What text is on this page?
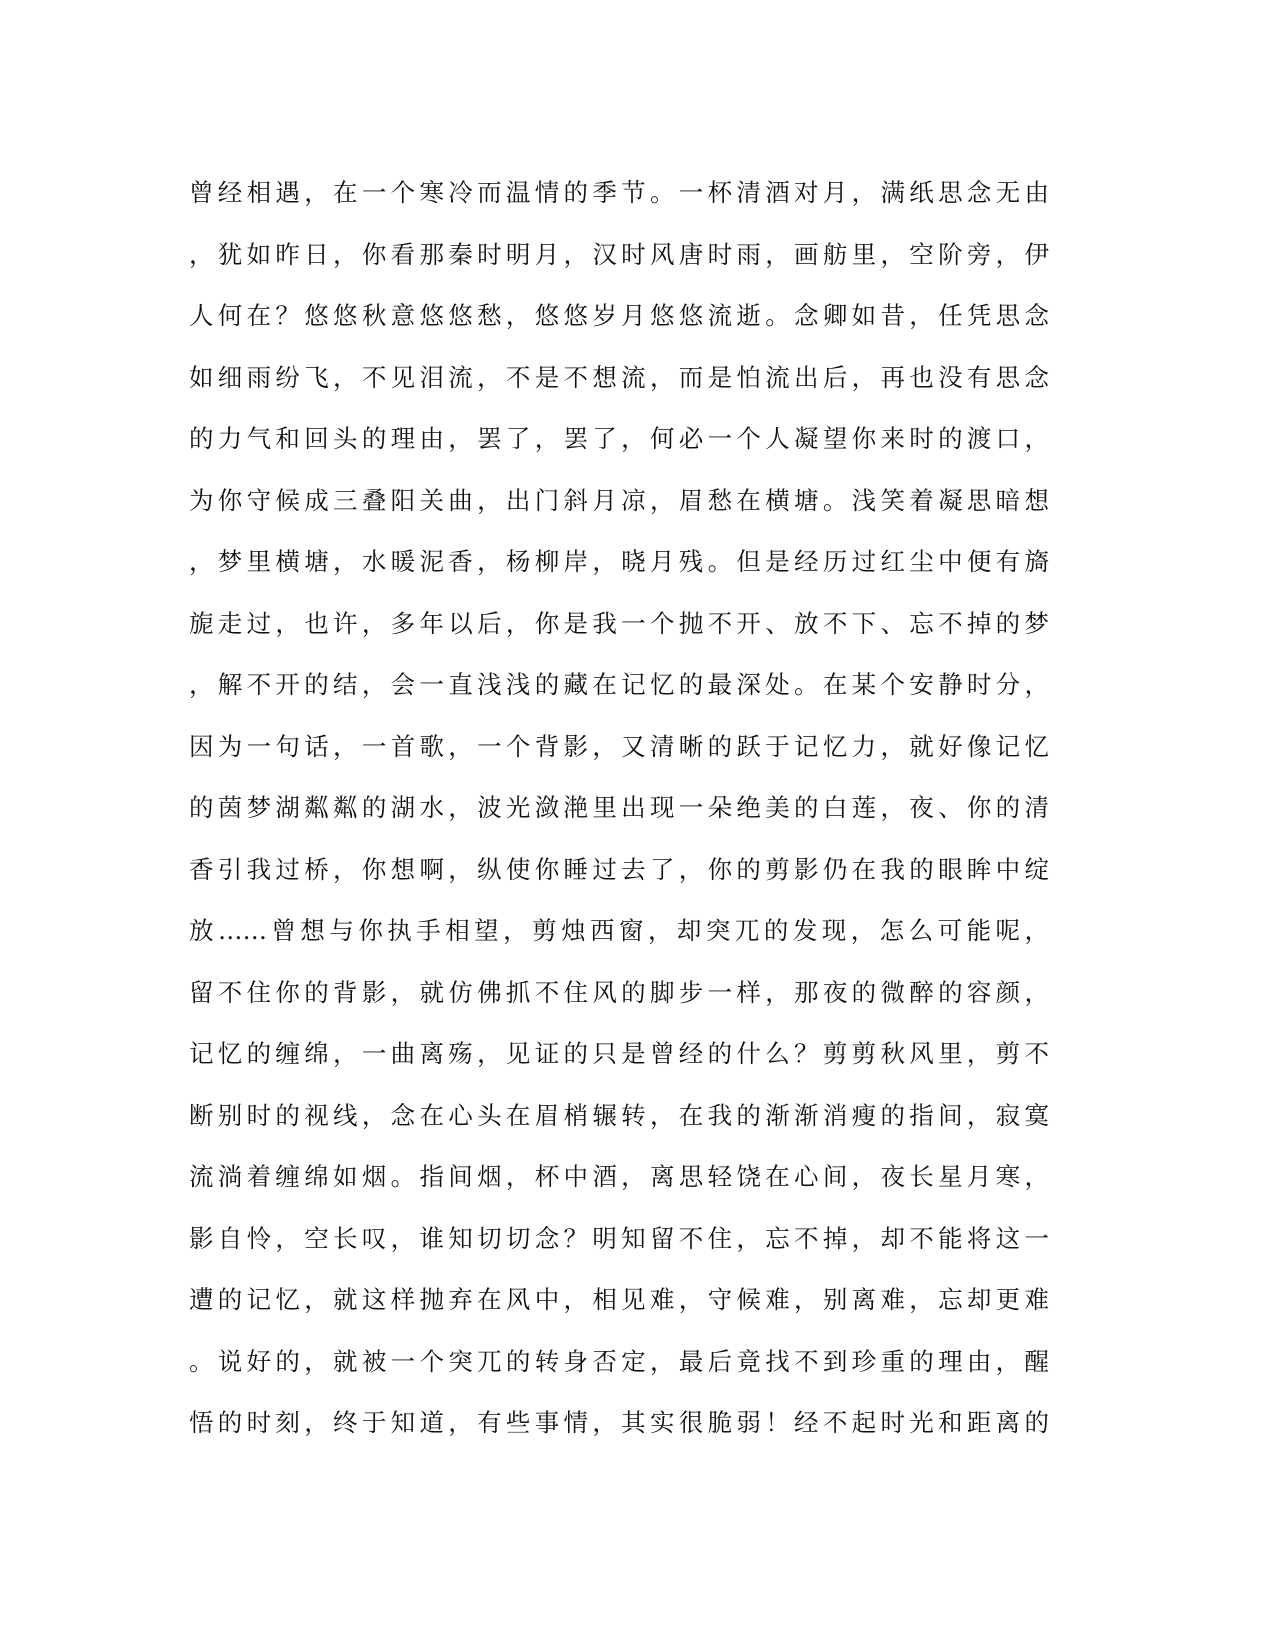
曾经相遇，在一个寒冷而温情的季节。一杯清酒对月，满纸思念无由
，犹如昨日，你看那秦时明月，汉时风唐时雨，画舫里，空阶旁，伊
人何在？悠悠秋意悠悠愁，悠悠岁月悠悠流逝。念卿如昔，任凭思念
如细雨纷飞，不见泪流，不是不想流，而是怕流出后，再也没有思念
的力气和回头的理由，罢了，罢了，何必一个人凝望你来时的渡口，
为你守候成三叠阳关曲，出门斜月凉，眉愁在横塘。浅笑着凝思暗想
，梦里横塘，水暖泥香，杨柳岸，晓月残。但是经历过红尘中便有旖
旎走过，也许，多年以后，你是我一个抛不开、放不下、忘不掉的梦
，解不开的结，会一直浅浅的藏在记忆的最深处。在某个安静时分，
因为一句话，一首歌，一个背影，又清晰的跃于记忆力，就好像记忆
的茵梦湖粼粼的湖水，波光潋滟里出现一朵绝美的白莲，夜、你的清
香引我过桥，你想啊，纵使你睡过去了，你的剪影仍在我的眼眸中绽
放……曾想与你执手相望，剪烛西窗，却突兀的发现，怎么可能呢，
留不住你的背影，就仿佛抓不住风的脚步一样，那夜的微醉的容颜，
记忆的缠绵，一曲离殇，见证的只是曾经的什么？剪剪秋风里，剪不
断别时的视线，念在心头在眉梢辗转，在我的渐渐消瘦的指间，寂寞
流淌着缠绵如烟。指间烟，杯中酒，离思轻饶在心间，夜长星月寒，
影自怜，空长叹，谁知切切念？明知留不住，忘不掉，却不能将这一
遭的记忆，就这样抛弃在风中，相见难，守候难，别离难，忘却更难
。说好的，就被一个突兀的转身否定，最后竟找不到珍重的理由，醒
悟的时刻，终于知道，有些事情，其实很脆弱！经不起时光和距离的
